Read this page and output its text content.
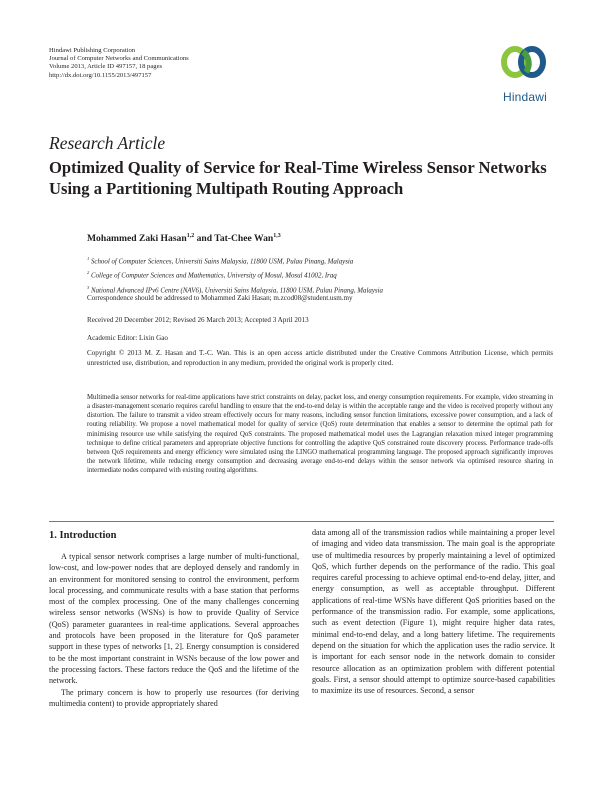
Hindawi Publishing Corporation
Journal of Computer Networks and Communications
Volume 2013, Article ID 497157, 18 pages
http://dx.doi.org/10.1155/2013/497157
Hindawi
Research Article
Optimized Quality of Service for Real-Time Wireless Sensor Networks Using a Partitioning Multipath Routing Approach
Mohammed Zaki Hasan$^{1,2}$ and Tat-Chee Wan$^{1,3}$
$^1$ School of Computer Sciences, Universiti Sains Malaysia, 11800 USM, Pulau Pinang, Malaysia
$^2$ College of Computer Sciences and Mathematics, University of Mosul, Mosul 41002, Iraq
$^3$ National Advanced IPv6 Centre (NAV6), Universiti Sains Malaysia, 11800 USM, Pulau Pinang, Malaysia
Correspondence should be addressed to Mohammed Zaki Hasan; m.zcod08@student.usm.my
Received 20 December 2012; Revised 26 March 2013; Accepted 3 April 2013
Academic Editor: Lixin Gao
Copyright © 2013 M. Z. Hasan and T.-C. Wan. This is an open access article distributed under the Creative Commons Attribution License, which permits unrestricted use, distribution, and reproduction in any medium, provided the original work is properly cited.
Multimedia sensor networks for real-time applications have strict constraints on delay, packet loss, and energy consumption requirements. For example, video streaming in a disaster-management scenario requires careful handling to ensure that the end-to-end delay is within the acceptable range and the video is received properly without any distortion. The failure to transmit a video stream effectively occurs for many reasons, including sensor function limitations, excessive power consumption, and a lack of routing reliability. We propose a novel mathematical model for quality of service (QoS) route determination that enables a sensor to determine the optimal path for minimising resource use while satisfying the required QoS constraints. The proposed mathematical model uses the Lagrangian relaxation mixed integer programming technique to define critical parameters and appropriate objective functions for controlling the adaptive QoS constrained route discovery process. Performance trade-offs between QoS requirements and energy efficiency were simulated using the LINGO mathematical programming language. The proposed approach significantly improves the network lifetime, while reducing energy consumption and decreasing average end-to-end delays within the sensor network via optimised resource sharing in intermediate nodes compared with existing routing algorithms.
1. Introduction

A typical sensor network comprises a large number of multi-functional, low-cost, and low-power nodes that are deployed densely and randomly in an environment for monitored sensing to control the environment, perform local processing, and communicate results with a base station that performs most of the complex processing. One of the many challenges concerning wireless sensor networks (WSNs) is how to provide Quality of Service (QoS) parameter guarantees in real-time applications. Several approaches and protocols have been proposed in the literature for QoS parameter support in these types of networks [1, 2]. Energy consumption is considered to be the most important constraint in WSNs because of the low power and the processing factors. These factors reduce the QoS and the lifetime of the network.

The primary concern is how to properly use resources (for deriving multimedia content) to provide appropriately shared

data among all of the transmission radios while maintaining a proper level of imaging and video data transmission. The main goal is the appropriate use of multimedia resources by properly maintaining a level of optimized QoS, which further depends on the performance of the radio. This goal requires careful processing to achieve optimal end-to-end delay, jitter, and energy consumption, as well as acceptable throughput. Different applications of real-time WSNs have different QoS priorities based on the performance of the transmission radio. For example, some applications, such as event detection (Figure 1), might require higher data rates, minimal end-to-end delay, and a long battery lifetime. The requirements depend on the situation for which the application uses the radio service. It is important for each sensor node in the network domain to consider resource allocation as an optimization problem with different potential goals. First, a sensor should attempt to optimize source-based capabilities to maximize its use of resources. Second, a sensor
